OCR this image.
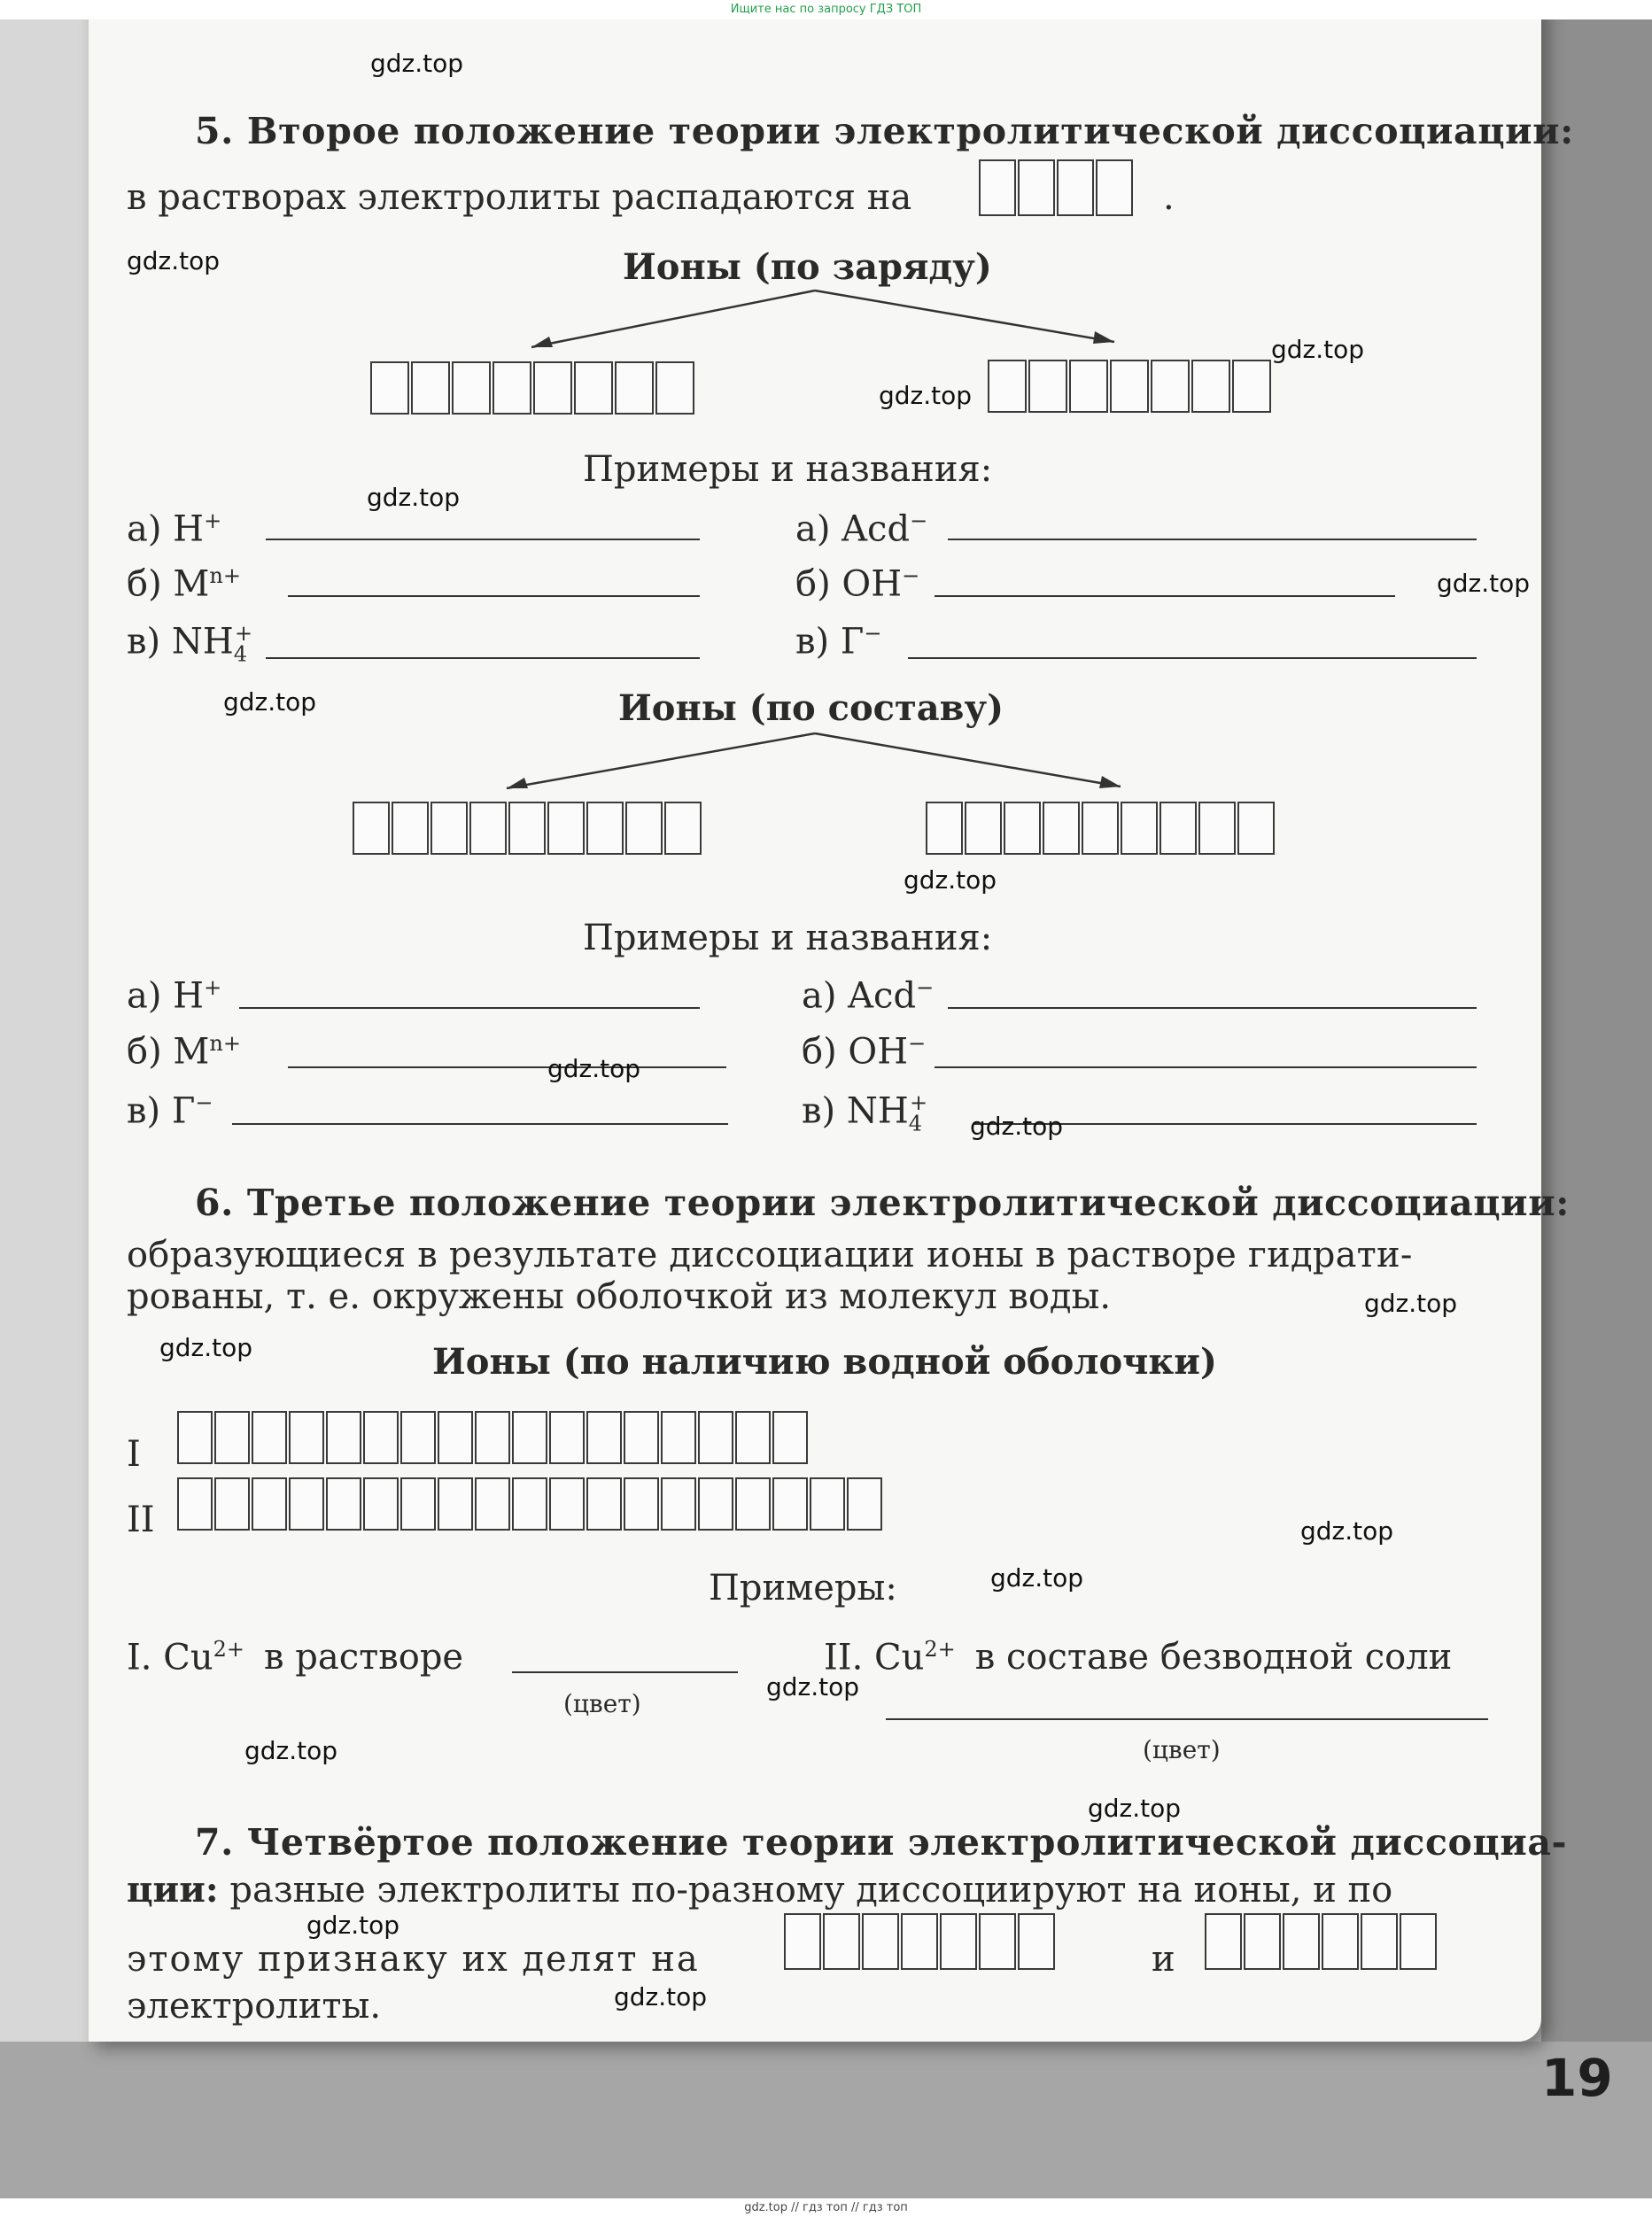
19
Ищите нас по запросу ГДЗ ТОП
gdz.top // гдз топ // гдз топ
5. Второе положение теории электролитической диссоциации:
в растворах электролиты распадаются на	.
Ионы (по заряду)
Примеры и названия:
а) H+
б) $M^{n+}$
в) $NH_4^+$
а) Acd−
б) OH−
в) Г−
Ионы (по составу)
Примеры и названия:
а) H+
б) $M^{n+}$
в) Г−
а) Acd−
б) OH−
в) $NH_4^+$
6. Третье положение теории электролитической диссоциации:
образующиеся в результате диссоциации ионы в растворе гидрати-
рованы, т. е. окружены оболочкой из молекул воды.
Ионы (по наличию водной оболочки)
I
II
Примеры:
I. $Cu^{2+}$ в растворе
(цвет)
II. $Cu^{2+}$ в составе безводной соли
(цвет)
7. Четвёртое положение теории электролитической диссоциа-
ции: разные электролиты по-разному диссоциируют на ионы, и по
этому признаку их делят на	и
электролиты.
gdz.top
gdz.top
gdz.top
gdz.top
gdz.top
gdz.top
gdz.top
gdz.top
gdz.top
gdz.top
gdz.top
gdz.top
gdz.top
gdz.top
gdz.top
gdz.top
gdz.top
gdz.top
gdz.top
